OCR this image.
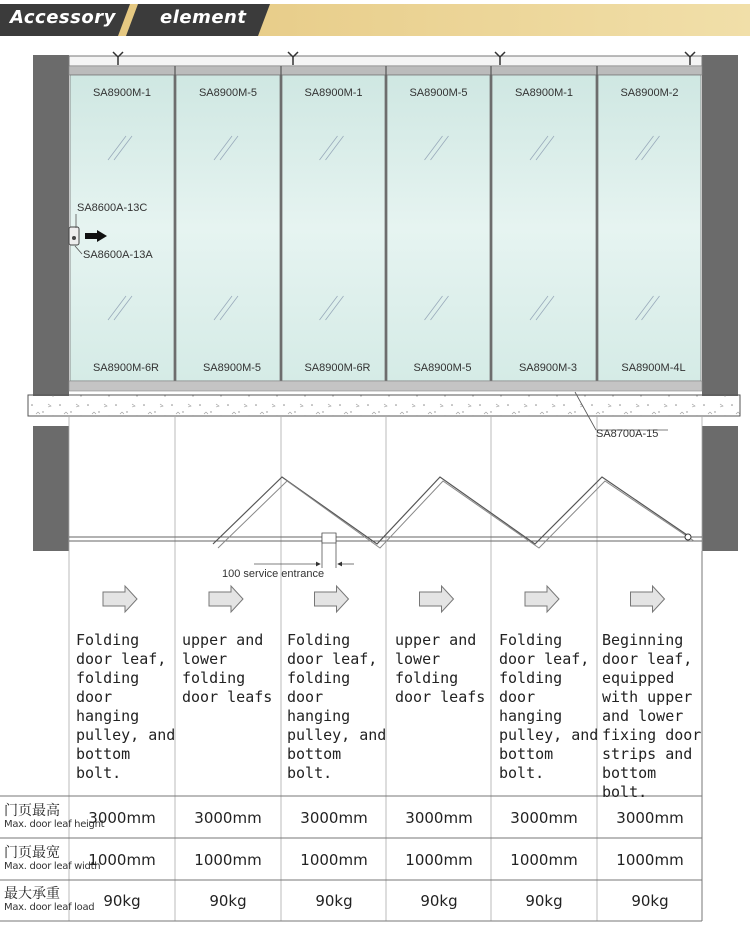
Accessory element
SA8900M-1
SA8900M-6R
SA8900M-5
SA8900M-5
SA8900M-1
SA8900M-6R
SA8900M-5
SA8900M-5
SA8900M-1
SA8900M-3
SA8900M-2
SA8900M-4L
SA8600A-13C
SA8600A-13A
SA8700A-15
100 service entrance
Folding door leaf, folding door hanging pulley, and bottom bolt.
upper and lower folding door leafs
Folding door leaf, folding door hanging pulley, and bottom bolt.
upper and lower folding door leafs
Folding door leaf, folding door hanging pulley, and bottom bolt.
Beginning door leaf, equipped with upper and lower fixing door strips and bottom bolt.
门页最高
Max. door leaf height
3000mm	3000mm	3000mm	3000mm	3000mm	3000mm
门页最宽
Max. door leaf width
1000mm	1000mm	1000mm	1000mm	1000mm	1000mm
最大承重
Max. door leaf load 90kg	90kg	90kg	90kg	90kg	90kg
